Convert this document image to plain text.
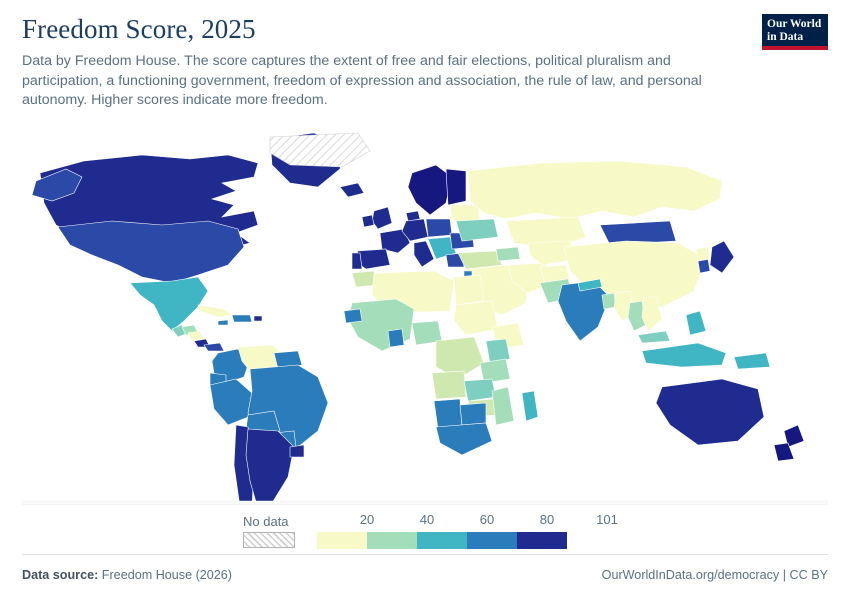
Freedom Score, 2025

Data by Freedom House. The score captures the extent of free and fair elections, political pluralism and participation, a functioning government, freedom of expression and association, the rule of law, and personal autonomy. Higher scores indicate more freedom.

Our World
in Data
No data	20	40	60	80	101
Data source: Freedom House (2026)	OurWorldInData.org/democracy | CC BY
